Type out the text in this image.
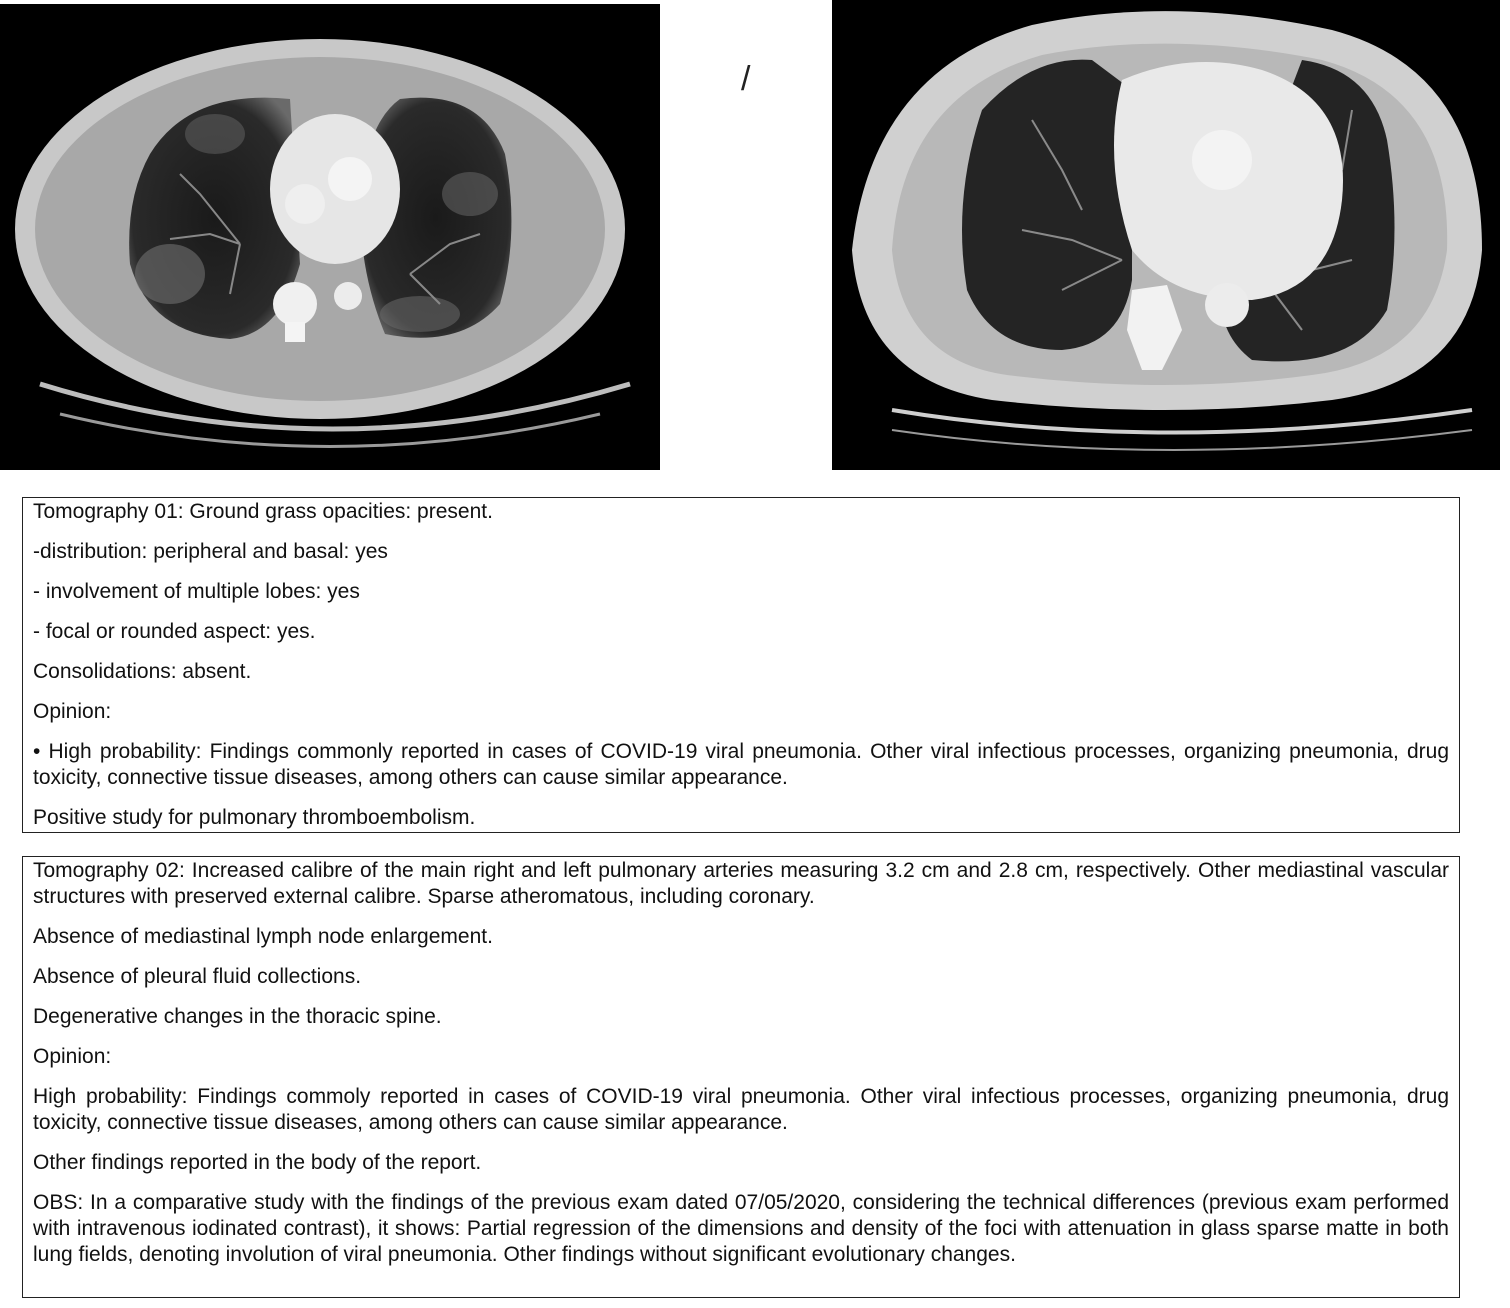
/

Tomography 01: Ground grass opacities: present.

-distribution: peripheral and basal: yes

- involvement of multiple lobes: yes

- focal or rounded aspect: yes.

Consolidations: absent.

Opinion:

• High probability: Findings commonly reported in cases of COVID-19 viral pneumonia. Other viral infectious processes, organizing pneumonia, drug toxicity, connective tissue diseases, among others can cause similar appearance.

Positive study for pulmonary thromboembolism.

Tomography 02: Increased calibre of the main right and left pulmonary arteries measuring 3.2 cm and 2.8 cm, respectively. Other mediastinal vascular structures with preserved external calibre. Sparse atheromatous, including coronary.

Absence of mediastinal lymph node enlargement.

Absence of pleural fluid collections.

Degenerative changes in the thoracic spine.

Opinion:

High probability: Findings commoly reported in cases of COVID-19 viral pneumonia. Other viral infectious processes, organizing pneumonia, drug toxicity, connective tissue diseases, among others can cause similar appearance.

Other findings reported in the body of the report.

OBS: In a comparative study with the findings of the previous exam dated 07/05/2020, considering the technical differences (previous exam performed with intravenous iodinated contrast), it shows: Partial regression of the dimensions and density of the foci with attenuation in glass sparse matte in both lung fields, denoting involution of viral pneumonia. Other findings without significant evolutionary changes.
